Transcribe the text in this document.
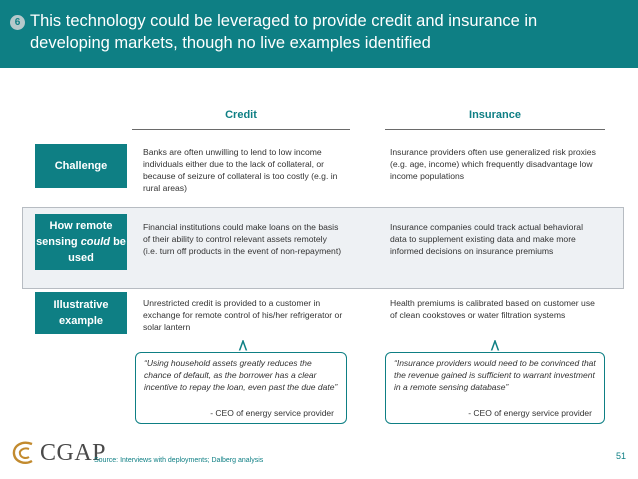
6 This technology could be leveraged to provide credit and insurance in developing markets, though no live examples identified
Credit	Insurance
Challenge
Banks are often unwilling to lend to low income individuals either due to the lack of collateral, or because of seizure of collateral is too costly (e.g. in rural areas)
Insurance providers often use generalized risk proxies (e.g. age, income) which frequently disadvantage low income populations
How remote sensing could be used
Financial institutions could make loans on the basis of their ability to control relevant assets remotely (i.e. turn off products in the event of non-repayment)
Insurance companies could track actual behavioral data to supplement existing data and make more informed decisions on insurance premiums
Illustrative example
Unrestricted credit is provided to a customer in exchange for remote control of his/her refrigerator or solar lantern
Health premiums is calibrated based on customer use of clean cookstoves or water filtration systems
“Using household assets greatly reduces the chance of default, as the borrower has a clear incentive to repay the loan, even past the due date”
- CEO of energy service provider
“Insurance providers would need to be convinced that the revenue gained is sufficient to warrant investment in a remote sensing database”
- CEO of energy service provider
CGAP
Source: Interviews with deployments; Dalberg analysis	51
